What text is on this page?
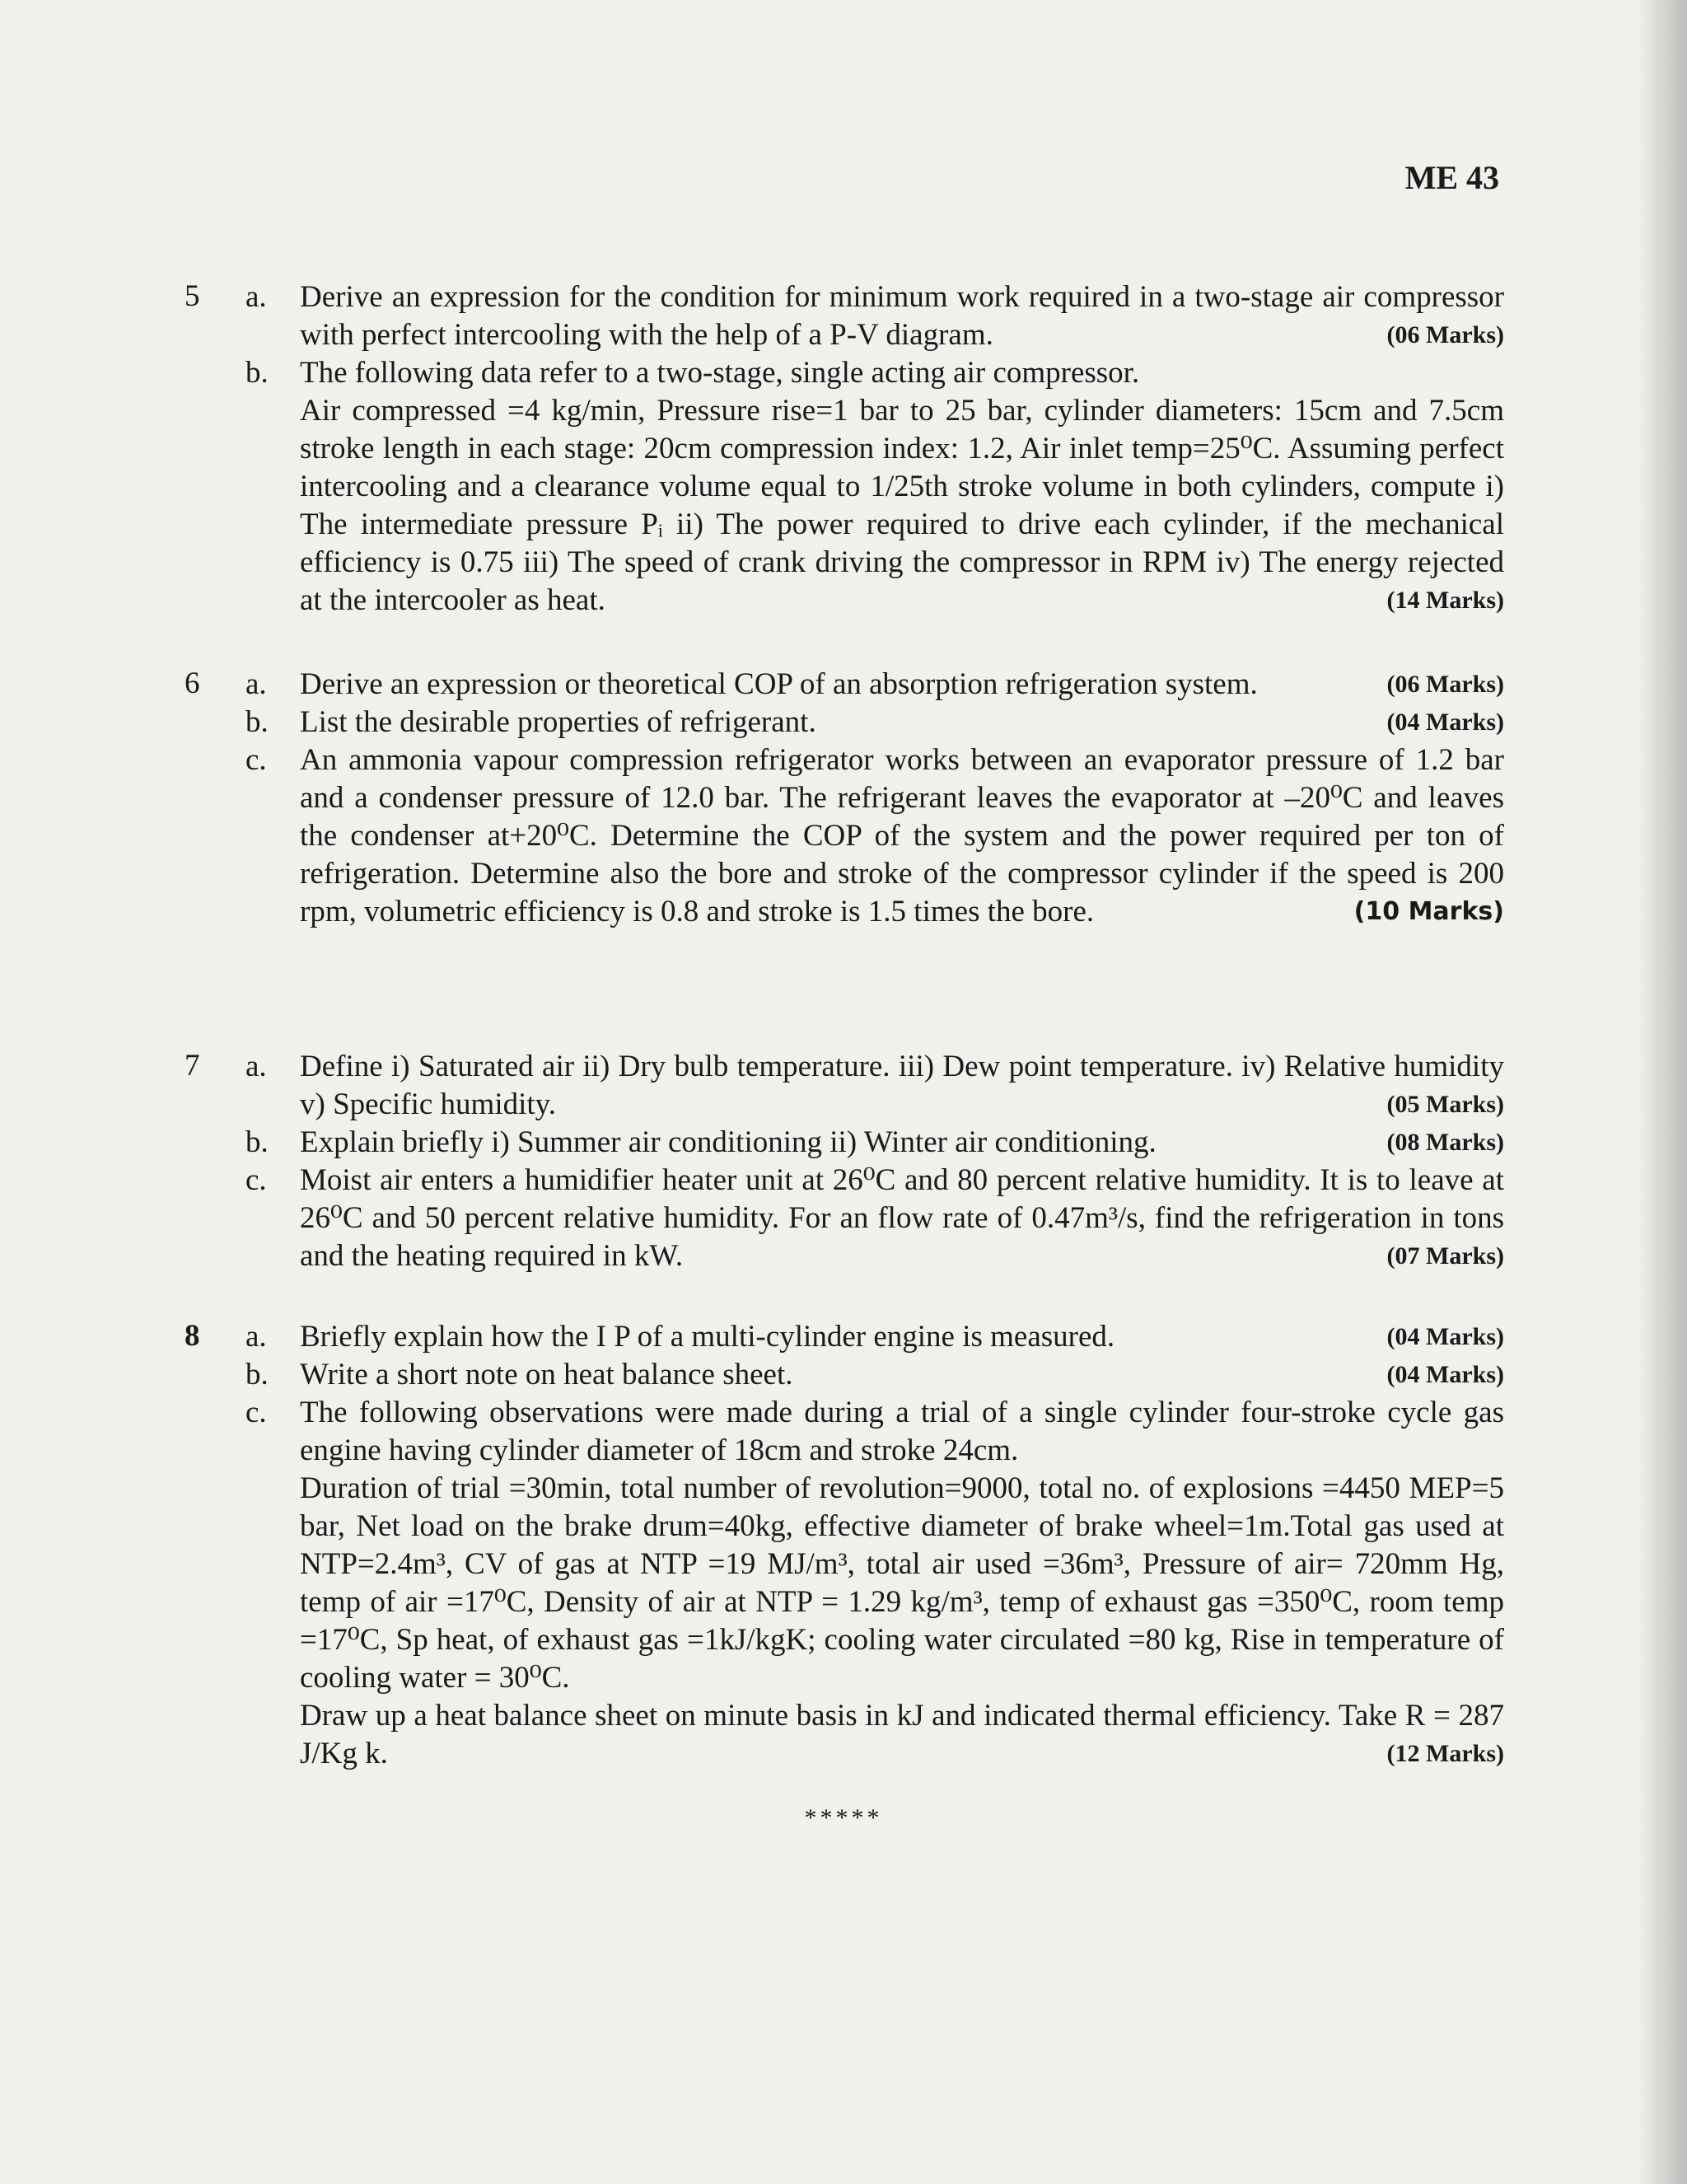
ME 43
5 a.	Derive an expression for the condition for minimum work required in a two-stage air compressor with perfect intercooling with the help of a P-V diagram.	(06 Marks)
b.	The following data refer to a two-stage, single acting air compressor.
Air compressed =4 kg/min, Pressure rise=1 bar to 25 bar, cylinder diameters: 15cm and 7.5cm stroke length in each stage: 20cm compression index: 1.2, Air inlet temp=25⁰C. Assuming perfect intercooling and a clearance volume equal to 1/25th stroke volume in both cylinders, compute i) The intermediate pressure Pᵢ ii) The power required to drive each cylinder, if the mechanical efficiency is 0.75 iii) The speed of crank driving the compressor in RPM iv) The energy rejected at the intercooler as heat.	(14 Marks)
6 a.	Derive an expression or theoretical COP of an absorption refrigeration system.	(06 Marks)
b.	List the desirable properties of refrigerant.	(04 Marks)
c.	An ammonia vapour compression refrigerator works between an evaporator pressure of 1.2 bar and a condenser pressure of 12.0 bar. The refrigerant leaves the evaporator at –20⁰C and leaves the condenser at+20⁰C. Determine the COP of the system and the power required per ton of refrigeration. Determine also the bore and stroke of the compressor cylinder if the speed is 200 rpm, volumetric efficiency is 0.8 and stroke is 1.5 times the bore.	(10 Marks)
7 a.	Define i) Saturated air ii) Dry bulb temperature. iii) Dew point temperature. iv) Relative humidity v) Specific humidity.	(05 Marks)
b.	Explain briefly i) Summer air conditioning ii) Winter air conditioning.	(08 Marks)
c.	Moist air enters a humidifier heater unit at 26⁰C and 80 percent relative humidity. It is to leave at 26⁰C and 50 percent relative humidity. For an flow rate of 0.47m³/s, find the refrigeration in tons and the heating required in kW.	(07 Marks)
8 a.	Briefly explain how the I P of a multi-cylinder engine is measured.	(04 Marks)
b.	Write a short note on heat balance sheet.	(04 Marks)
c.	The following observations were made during a trial of a single cylinder four-stroke cycle gas engine having cylinder diameter of 18cm and stroke 24cm.
Duration of trial =30min, total number of revolution=9000, total no. of explosions =4450 MEP=5 bar, Net load on the brake drum=40kg, effective diameter of brake wheel=1m.Total gas used at NTP=2.4m³, CV of gas at NTP =19 MJ/m³, total air used =36m³, Pressure of air= 720mm Hg, temp of air =17⁰C, Density of air at NTP = 1.29 kg/m³, temp of exhaust gas =350⁰C, room temp =17⁰C, Sp heat, of exhaust gas =1kJ/kgK; cooling water circulated =80 kg, Rise in temperature of cooling water = 30⁰C.
Draw up a heat balance sheet on minute basis in kJ and indicated thermal efficiency. Take R = 287 J/Kg k.	(12 Marks)
*****
